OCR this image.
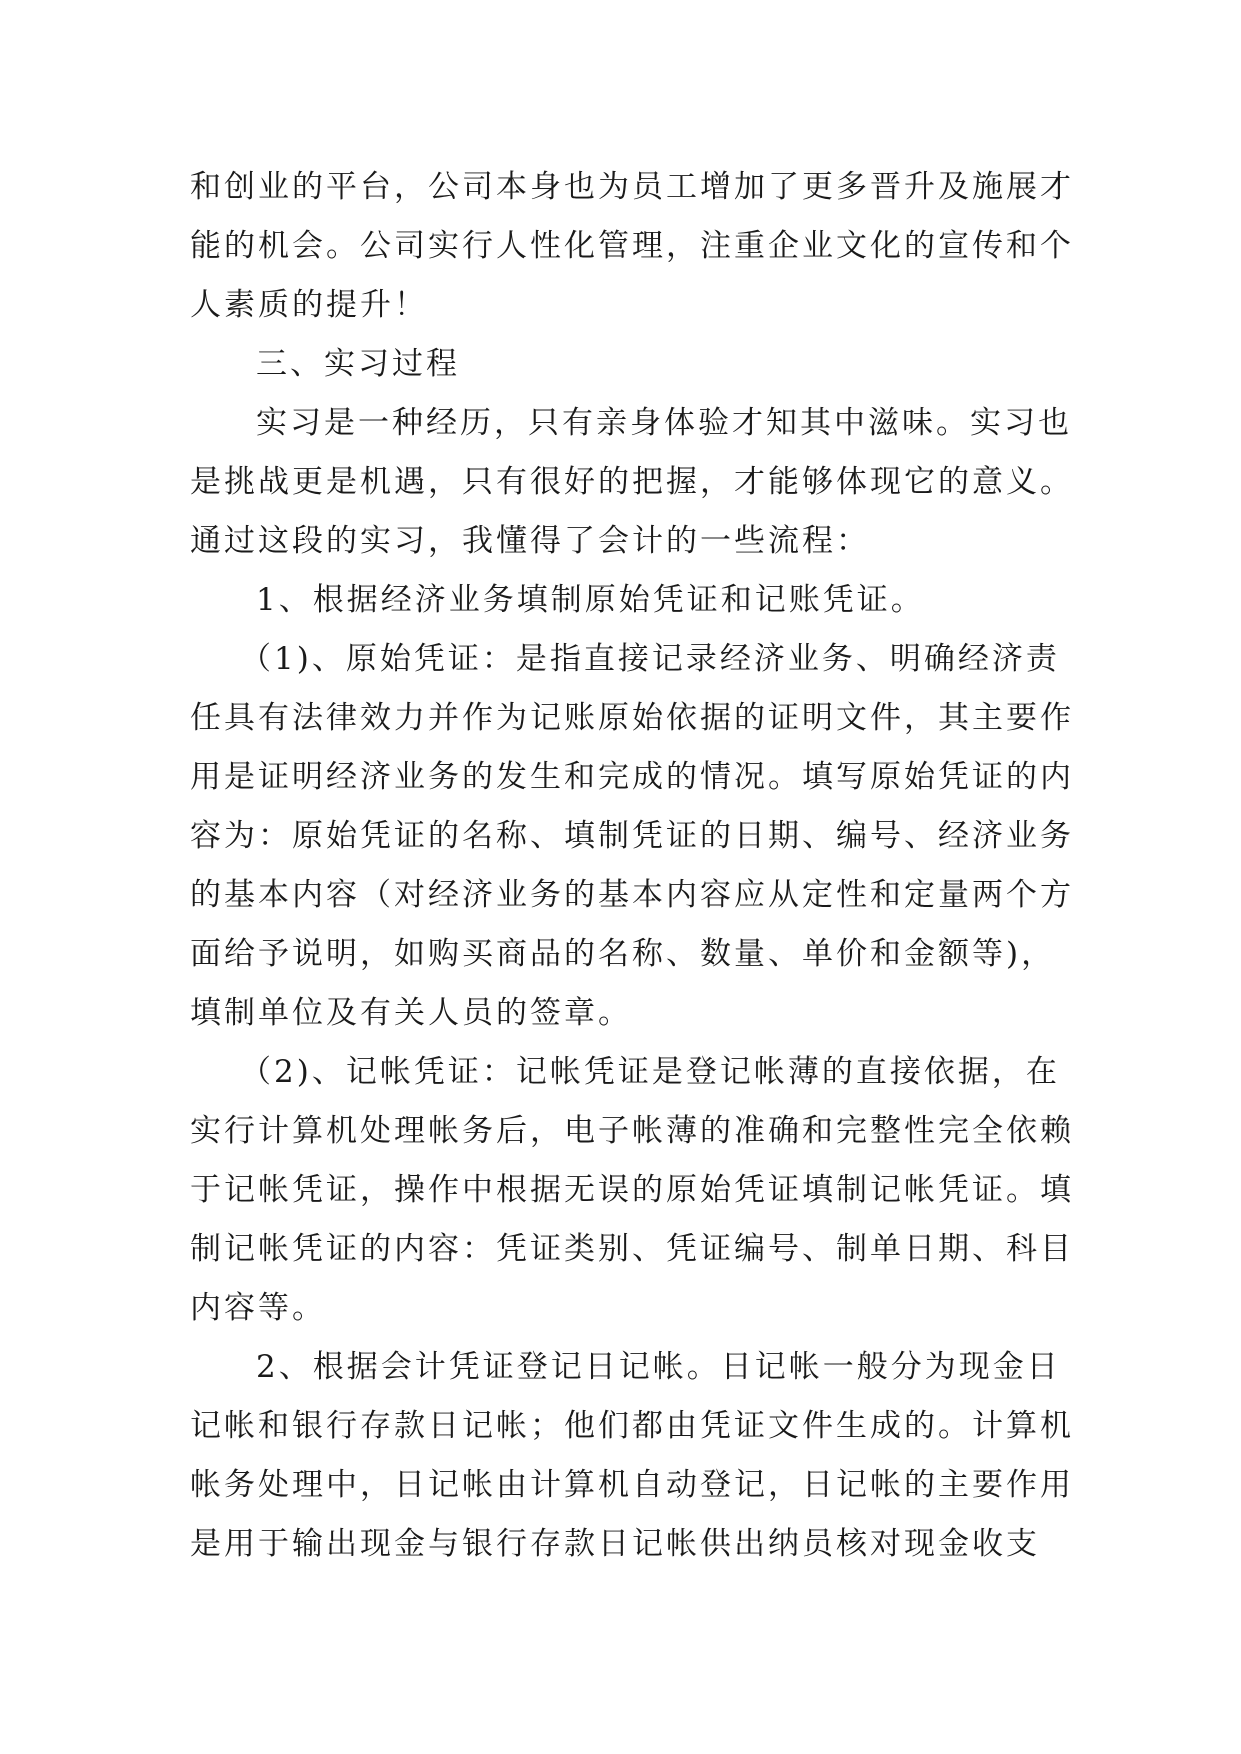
和创业的平台，公司本身也为员工增加了更多晋升及施展才
能的机会。公司实行人性化管理，注重企业文化的宣传和个
人素质的提升！
三、实习过程
实习是一种经历，只有亲身体验才知其中滋味。实习也
是挑战更是机遇，只有很好的把握，才能够体现它的意义。
通过这段的实习，我懂得了会计的一些流程：
1、根据经济业务填制原始凭证和记账凭证。
（1)、原始凭证：是指直接记录经济业务、明确经济责
任具有法律效力并作为记账原始依据的证明文件，其主要作
用是证明经济业务的发生和完成的情况。填写原始凭证的内
容为：原始凭证的名称、填制凭证的日期、编号、经济业务
的基本内容（对经济业务的基本内容应从定性和定量两个方
面给予说明，如购买商品的名称、数量、单价和金额等)，
填制单位及有关人员的签章。
（2)、记帐凭证：记帐凭证是登记帐薄的直接依据，在
实行计算机处理帐务后，电子帐薄的准确和完整性完全依赖
于记帐凭证，操作中根据无误的原始凭证填制记帐凭证。填
制记帐凭证的内容：凭证类别、凭证编号、制单日期、科目
内容等。
2、根据会计凭证登记日记帐。日记帐一般分为现金日
记帐和银行存款日记帐；他们都由凭证文件生成的。计算机
帐务处理中，日记帐由计算机自动登记，日记帐的主要作用
是用于输出现金与银行存款日记帐供出纳员核对现金收支
